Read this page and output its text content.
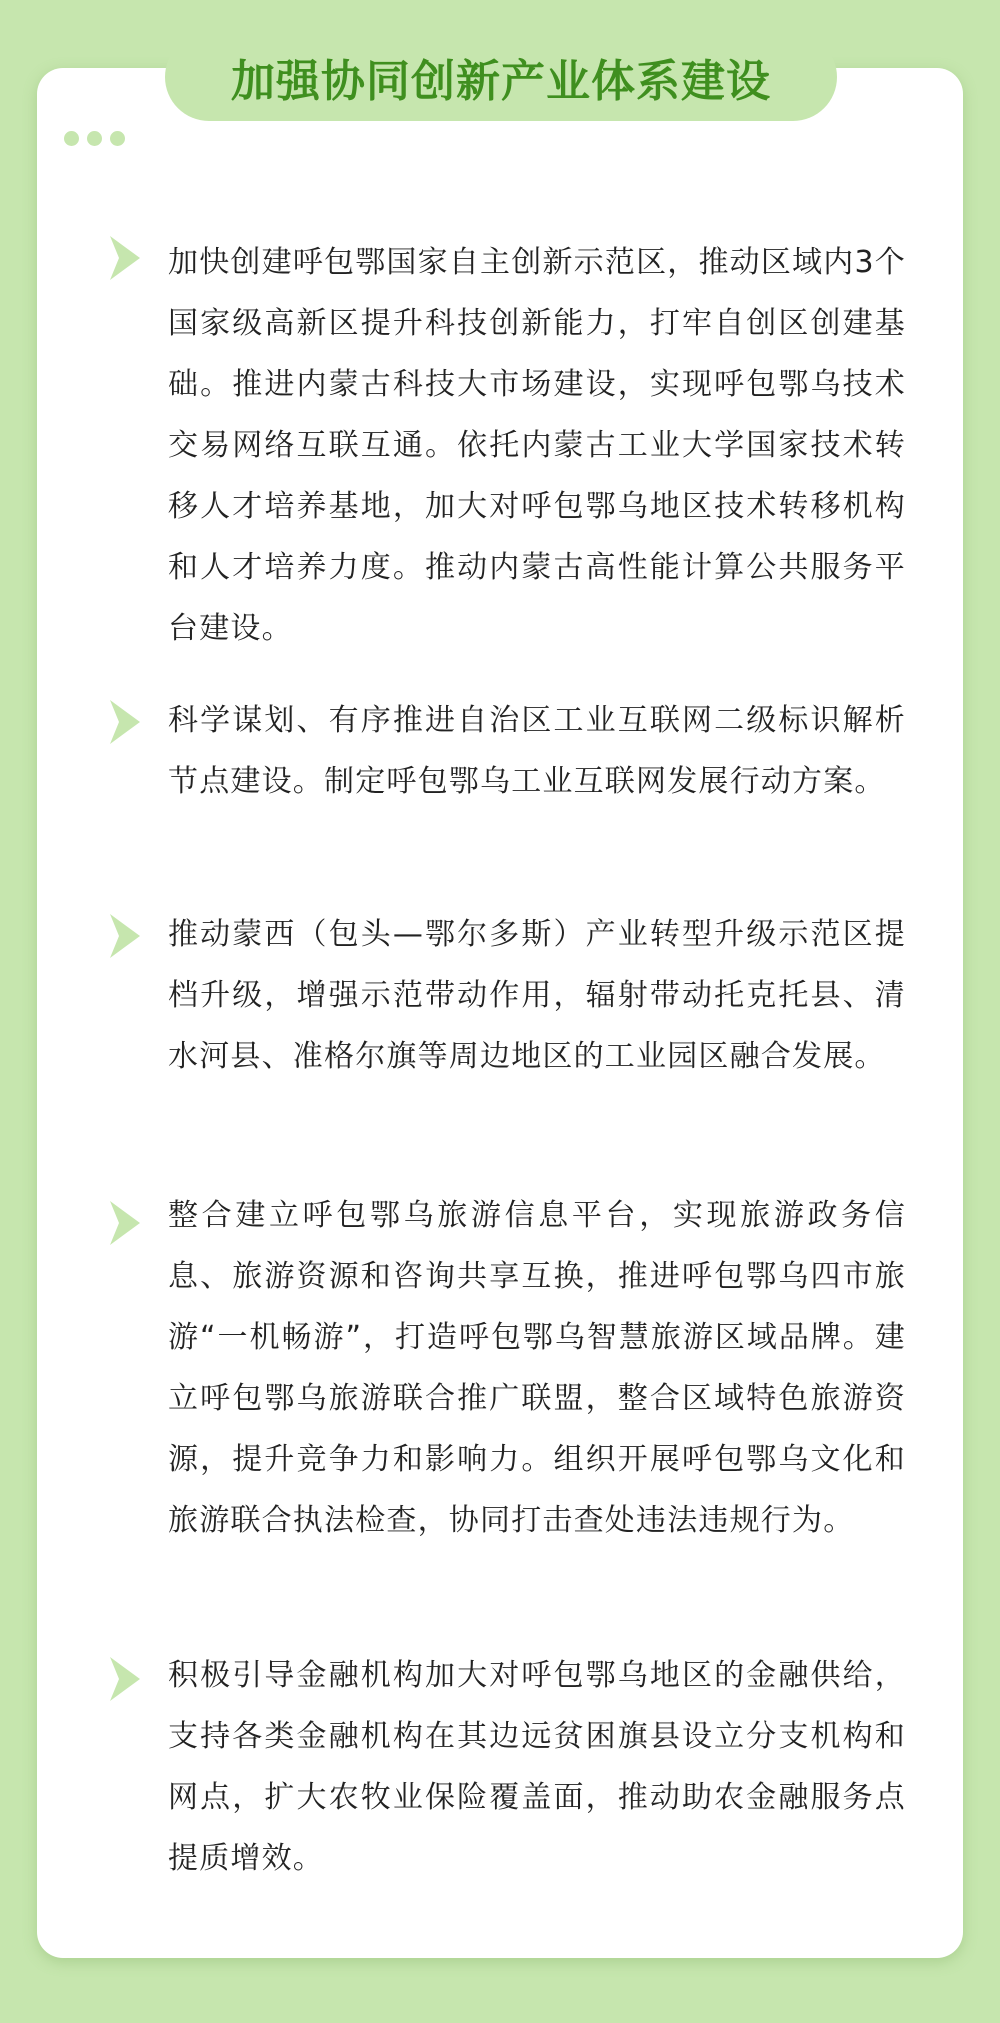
加强协同创新产业体系建设

加快创建呼包鄂国家自主创新示范区，推动区域内3个国家级高新区提升科技创新能力，打牢自创区创建基础。推进内蒙古科技大市场建设，实现呼包鄂乌技术交易网络互联互通。依托内蒙古工业大学国家技术转移人才培养基地，加大对呼包鄂乌地区技术转移机构和人才培养力度。推动内蒙古高性能计算公共服务平台建设。

科学谋划、有序推进自治区工业互联网二级标识解析节点建设。制定呼包鄂乌工业互联网发展行动方案。

推动蒙西（包头—鄂尔多斯）产业转型升级示范区提档升级，增强示范带动作用，辐射带动托克托县、清水河县、准格尔旗等周边地区的工业园区融合发展。

整合建立呼包鄂乌旅游信息平台，实现旅游政务信息、旅游资源和咨询共享互换，推进呼包鄂乌四市旅游“一机畅游”，打造呼包鄂乌智慧旅游区域品牌。建立呼包鄂乌旅游联合推广联盟，整合区域特色旅游资源，提升竞争力和影响力。组织开展呼包鄂乌文化和旅游联合执法检查，协同打击查处违法违规行为。

积极引导金融机构加大对呼包鄂乌地区的金融供给，支持各类金融机构在其边远贫困旗县设立分支机构和网点，扩大农牧业保险覆盖面，推动助农金融服务点提质增效。
